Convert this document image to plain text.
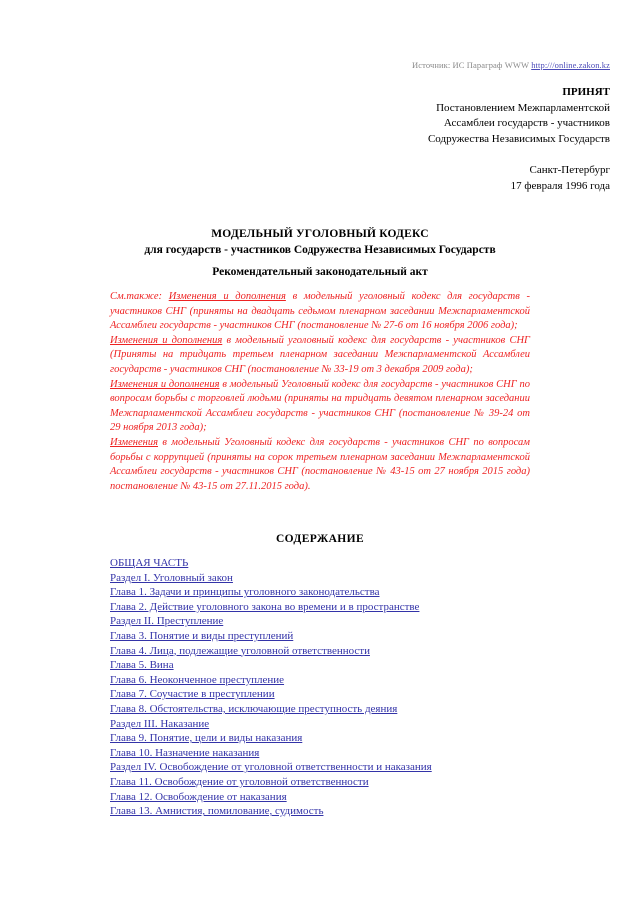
Источник: ИС Параграф WWW http:///online.zakon.kz
ПРИНЯТ
Постановлением Межпарламентской
Ассамблеи государств - участников
Содружества Независимых Государств
Санкт-Петербург
17 февраля 1996 года
МОДЕЛЬНЫЙ УГОЛОВНЫЙ КОДЕКС
для государств - участников Содружества Независимых Государств
Рекомендательный законодательный акт

См.также: Изменения и дополнения в модельный уголовный кодекс для государств - участников СНГ (приняты на двадцать седьмом пленарном заседании Межпарламентской Ассамблеи государств - участников СНГ (постановление № 27-6 от 16 ноября 2006 года);

Изменения и дополнения в модельный уголовный кодекс для государств - участников СНГ (Приняты на тридцать третьем пленарном заседании Межпарламентской Ассамблеи государств - участников СНГ (постановление № 33-19 от 3 декабря 2009 года);

Изменения и дополнения в модельный Уголовный кодекс для государств - участников СНГ по вопросам борьбы с торговлей людьми (приняты на тридцать девятом пленарном заседании Межпарламентской Ассамблеи государств - участников СНГ (постановление № 39-24 от 29 ноября 2013 года);

Изменения в модельный Уголовный кодекс для государств - участников СНГ по вопросам борьбы с коррупцией (приняты на сорок третьем пленарном заседании Межпарламентской Ассамблеи государств - участников СНГ (постановление № 43-15 от 27 ноября 2015 года) постановление № 43-15 от 27.11.2015 года).

СОДЕРЖАНИЕ
ОБЩАЯ ЧАСТЬ
Раздел I. Уголовный закон
Глава 1. Задачи и принципы уголовного законодательства
Глава 2. Действие уголовного закона во времени и в пространстве
Раздел II. Преступление
Глава 3. Понятие и виды преступлений
Глава 4. Лица, подлежащие уголовной ответственности
Глава 5. Вина
Глава 6. Неоконченное преступление
Глава 7. Соучастие в преступлении
Глава 8. Обстоятельства, исключающие преступность деяния
Раздел III. Наказание
Глава 9. Понятие, цели и виды наказания
Глава 10. Назначение наказания
Раздел IV. Освобождение от уголовной ответственности и наказания
Глава 11. Освобождение от уголовной ответственности
Глава 12. Освобождение от наказания
Глава 13. Амнистия, помилование, судимость
